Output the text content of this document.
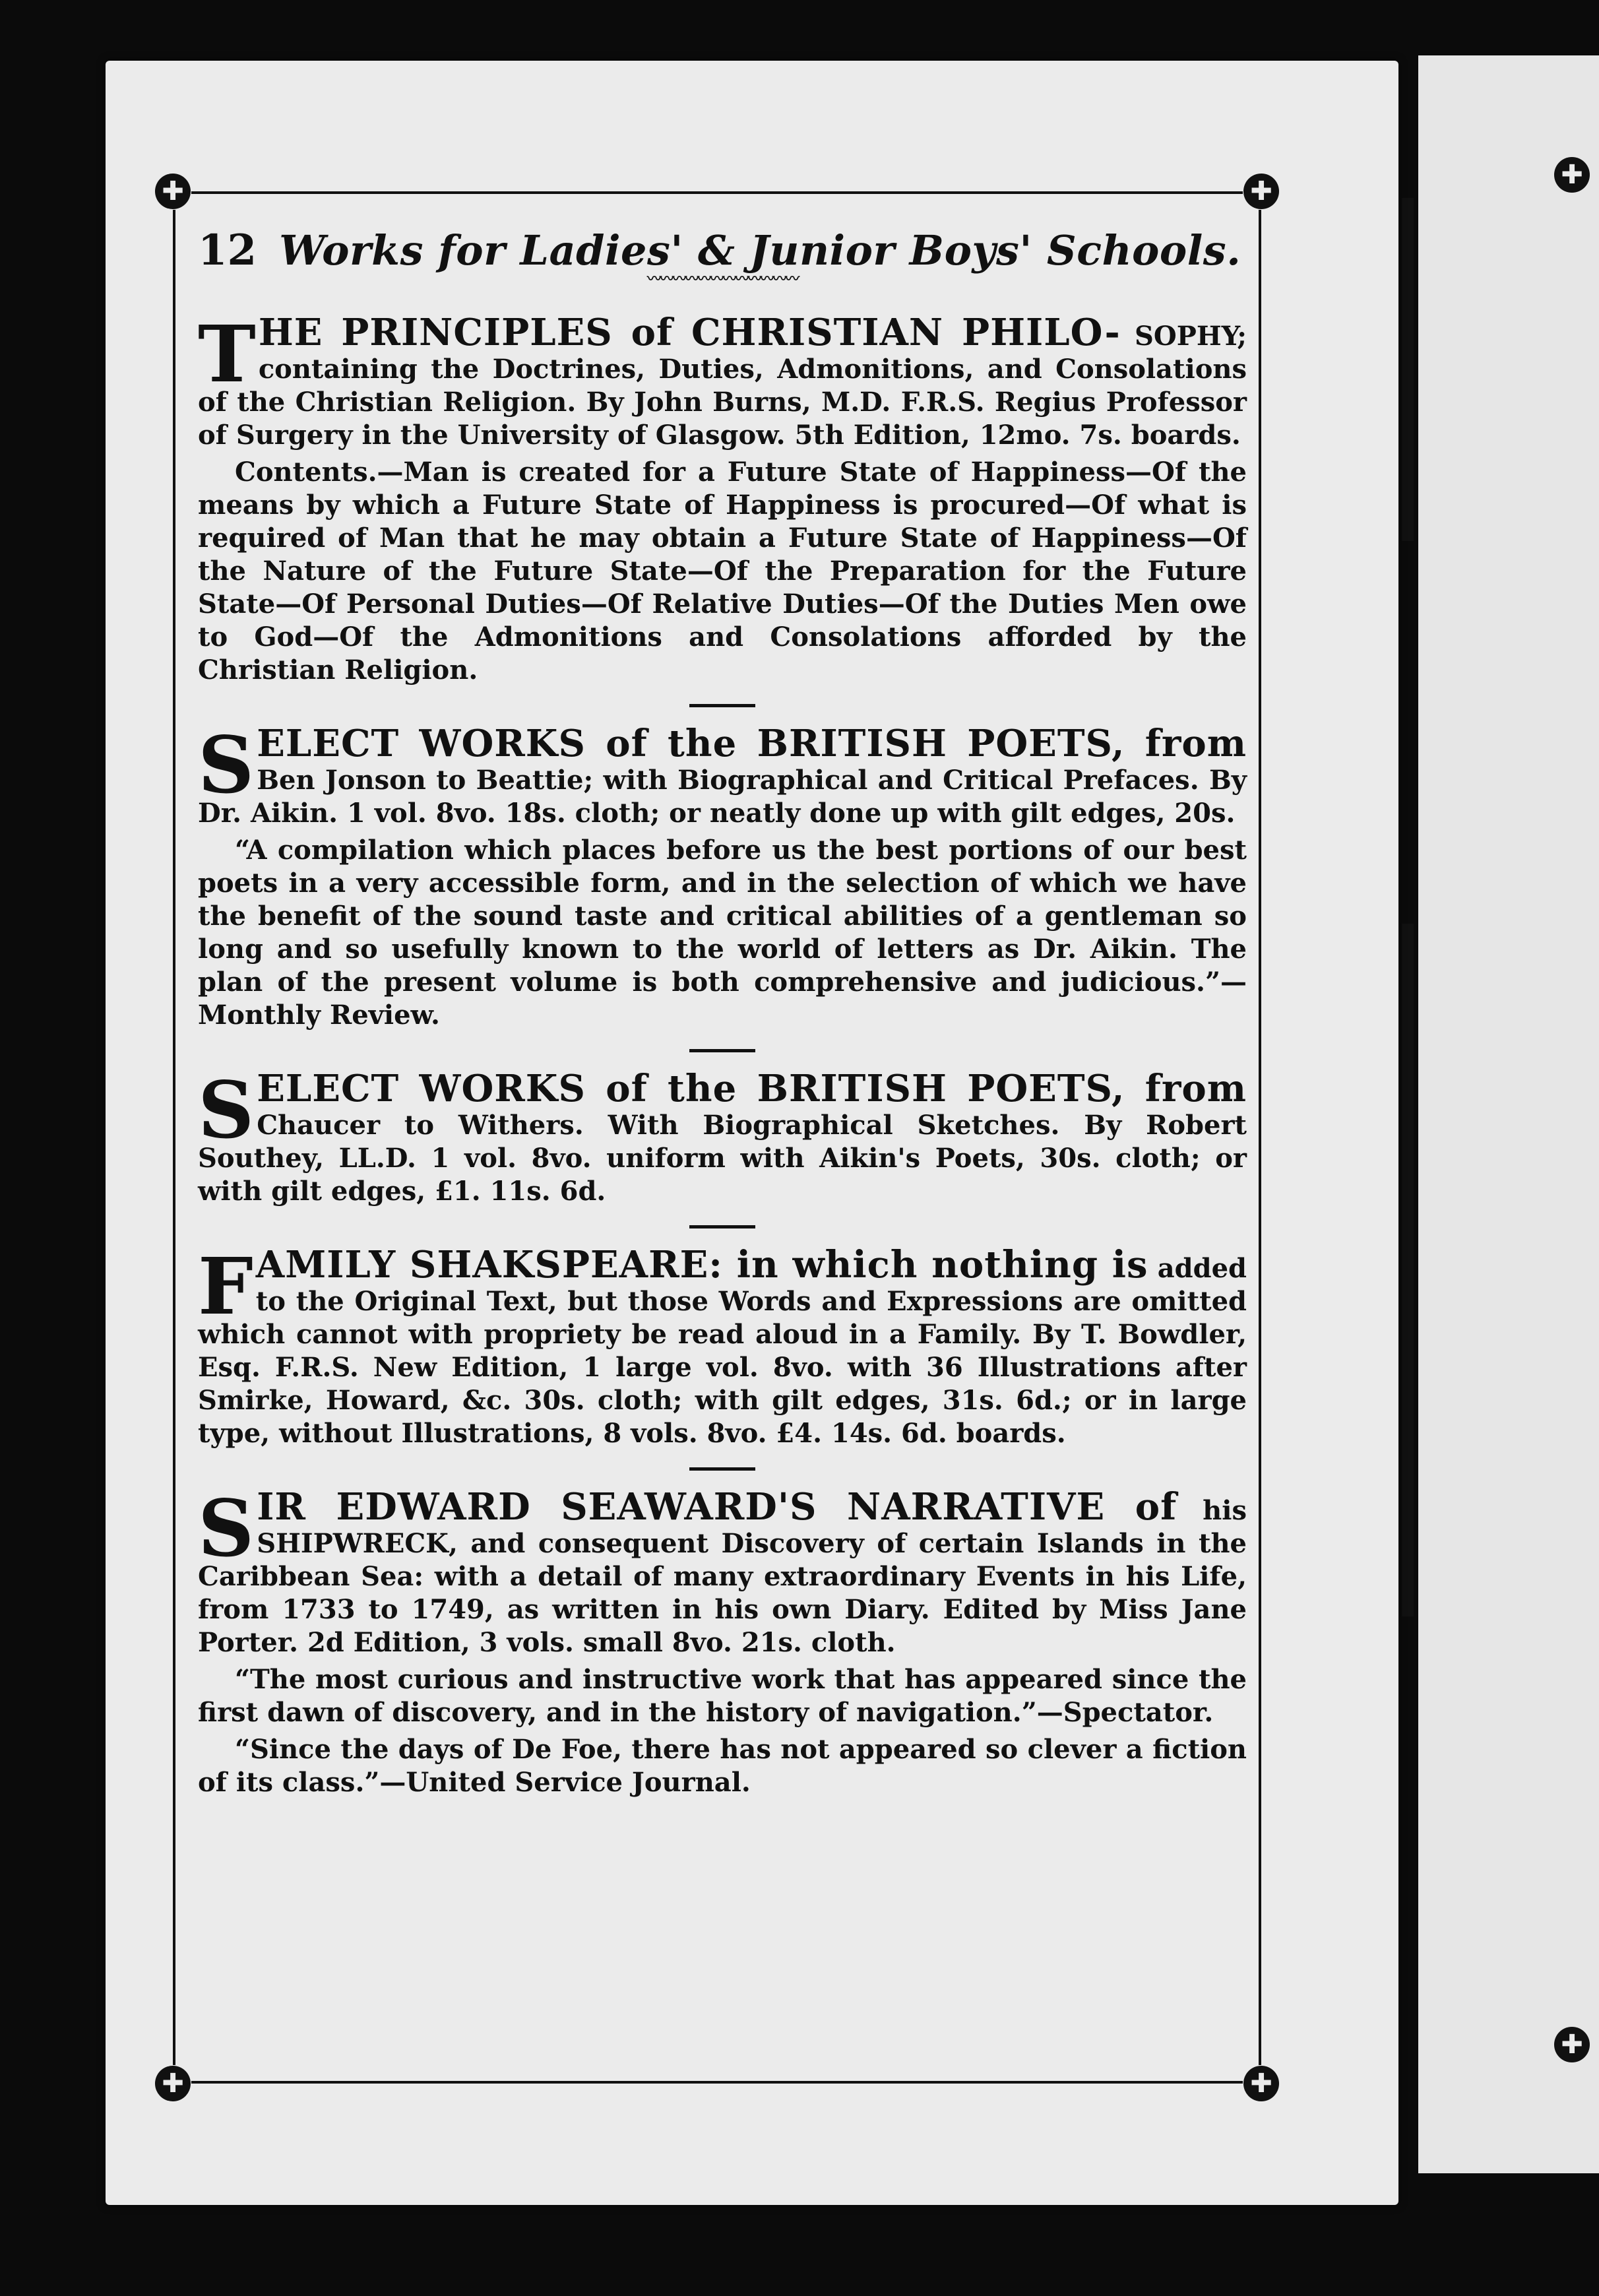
✚
✚
✚	✚
✚	✚
12 Works for Ladies' & Junior Boys' Schools.
〰〰〰〰〰〰〰〰〰〰〰〰
THE PRINCIPLES of CHRISTIAN PHILO- SOPHY; containing the Doctrines, Duties, Admonitions, and Consolations of the Christian Religion. By John Burns, M.D. F.R.S. Regius Professor of Surgery in the University of Glasgow. 5th Edition, 12mo. 7s. boards.
Contents.—Man is created for a Future State of Happiness—Of the means by which a Future State of Happiness is procured—Of what is required of Man that he may obtain a Future State of Happiness—Of the Nature of the Future State—Of the Preparation for the Future State—Of Personal Duties—Of Relative Duties—Of the Duties Men owe to God—Of the Admonitions and Consolations afforded by the Christian Religion.
SELECT WORKS of the BRITISH POETS, from Ben Jonson to Beattie; with Biographical and Critical Prefaces. By Dr. Aikin. 1 vol. 8vo. 18s. cloth; or neatly done up with gilt edges, 20s.
“A compilation which places before us the best portions of our best poets in a very accessible form, and in the selection of which we have the benefit of the sound taste and critical abilities of a gentleman so long and so usefully known to the world of letters as Dr. Aikin. The plan of the present volume is both comprehensive and judicious.”—Monthly Review.
SELECT WORKS of the BRITISH POETS, from Chaucer to Withers. With Biographical Sketches. By Robert Southey, LL.D. 1 vol. 8vo. uniform with Aikin's Poets, 30s. cloth; or with gilt edges, £1. 11s. 6d.
FAMILY SHAKSPEARE: in which nothing is added to the Original Text, but those Words and Expressions are omitted which cannot with propriety be read aloud in a Family. By T. Bowdler, Esq. F.R.S. New Edition, 1 large vol. 8vo. with 36 Illustrations after Smirke, Howard, &c. 30s. cloth; with gilt edges, 31s. 6d.; or in large type, without Illustrations, 8 vols. 8vo. £4. 14s. 6d. boards.
SIR EDWARD SEAWARD'S NARRATIVE of his SHIPWRECK, and consequent Discovery of certain Islands in the Caribbean Sea: with a detail of many extraordinary Events in his Life, from 1733 to 1749, as written in his own Diary. Edited by Miss Jane Porter. 2d Edition, 3 vols. small 8vo. 21s. cloth.
“The most curious and instructive work that has appeared since the first dawn of discovery, and in the history of navigation.”—Spectator.
“Since the days of De Foe, there has not appeared so clever a fiction of its class.”—United Service Journal.
